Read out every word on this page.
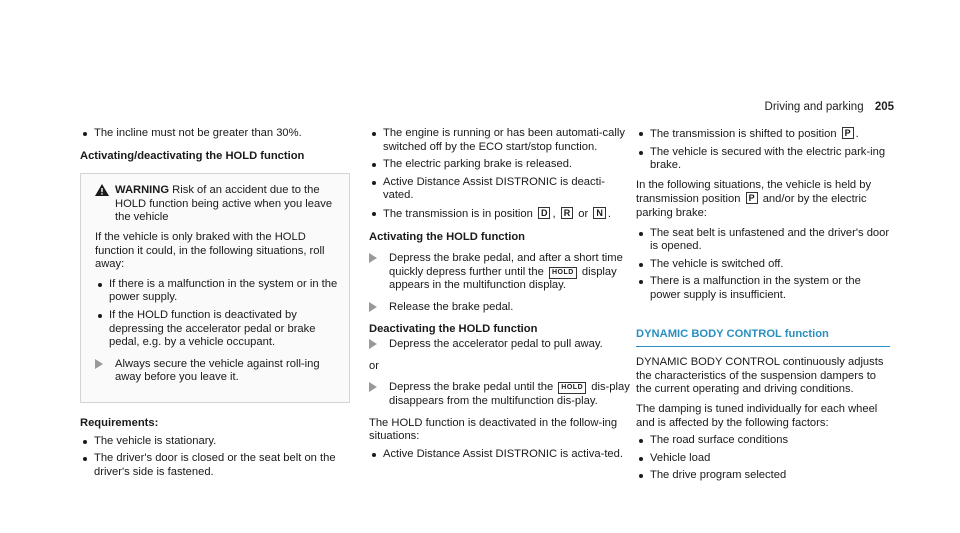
Driving and parking 205
The incline must not be greater than 30%.
Activating/deactivating the HOLD function
WARNING Risk of an accident due to the HOLD function being active when you leave the vehicle
If the vehicle is only braked with the HOLD function it could, in the following situations, roll away:
If there is a malfunction in the system or in the power supply.
If the HOLD function is deactivated by depressing the accelerator pedal or brake pedal, e.g. by a vehicle occupant.
Always secure the vehicle against roll-ing away before you leave it.
Requirements:
The vehicle is stationary.
The driver's door is closed or the seat belt on the driver's side is fastened.
The engine is running or has been automati-cally switched off by the ECO start/stop function.
The electric parking brake is released.
Active Distance Assist DISTRONIC is deacti-vated.
The transmission is in position D , R or N .
Activating the HOLD function
Depress the brake pedal, and after a short time quickly depress further until the HOLD display appears in the multifunction display.
Release the brake pedal.
Deactivating the HOLD function
Depress the accelerator pedal to pull away.

or

Depress the brake pedal until the HOLD dis-play disappears from the multifunction dis-play.

The HOLD function is deactivated in the follow-ing situations:

Active Distance Assist DISTRONIC is activa-ted.
The transmission is shifted to position P .
The vehicle is secured with the electric park-ing brake.

In the following situations, the vehicle is held by transmission position P and/or by the electric parking brake:

The seat belt is unfastened and the driver's door is opened.
The vehicle is switched off.
There is a malfunction in the system or the power supply is insufficient.
DYNAMIC BODY CONTROL function

DYNAMIC BODY CONTROL continuously adjusts the characteristics of the suspension dampers to the current operating and driving conditions.

The damping is tuned individually for each wheel and is affected by the following factors:

The road surface conditions
Vehicle load
The drive program selected
